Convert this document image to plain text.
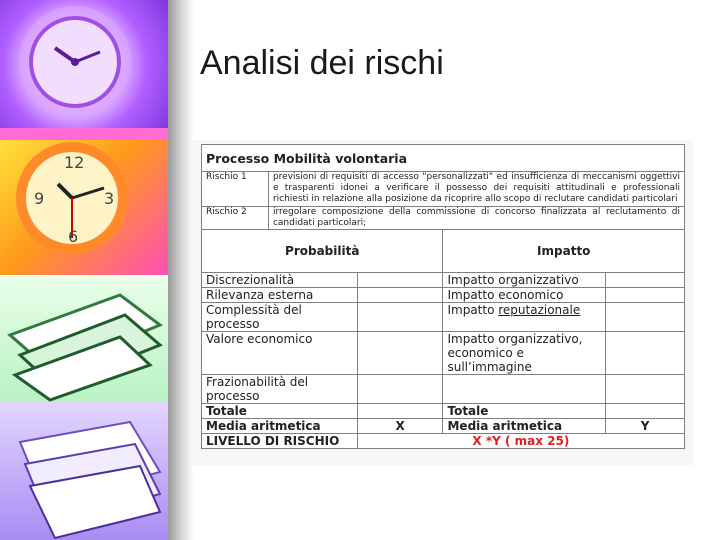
12
9	3
6
Analisi dei rischi
Processo Mobilità volontaria				
Rischio 1	previsioni di requisiti di accesso "personalizzati" ed insufficienza di meccanismi oggettivi e trasparenti idonei a verificare il possesso dei requisiti attitudinali e professionali richiesti in relazione alla posizione da ricoprire allo scopo di reclutare candidati particolari			
Rischio 2	irregolare composizione della commissione di concorso finalizzata al reclutamento di candidati particolari;			
Probabilità			Impatto	
Discrezionalità			Impatto organizzativo	
Rilevanza esterna			Impatto economico	
Complessità del processo			Impatto reputazionale	
Valore economico			Impatto organizzativo, economico e sull’immagine	
Frazionabilità del processo				
Totale			Totale	
Media aritmetica		X	Media aritmetica	Y
LIVELLO DI RISCHIO		X *Y ( max 25)		
